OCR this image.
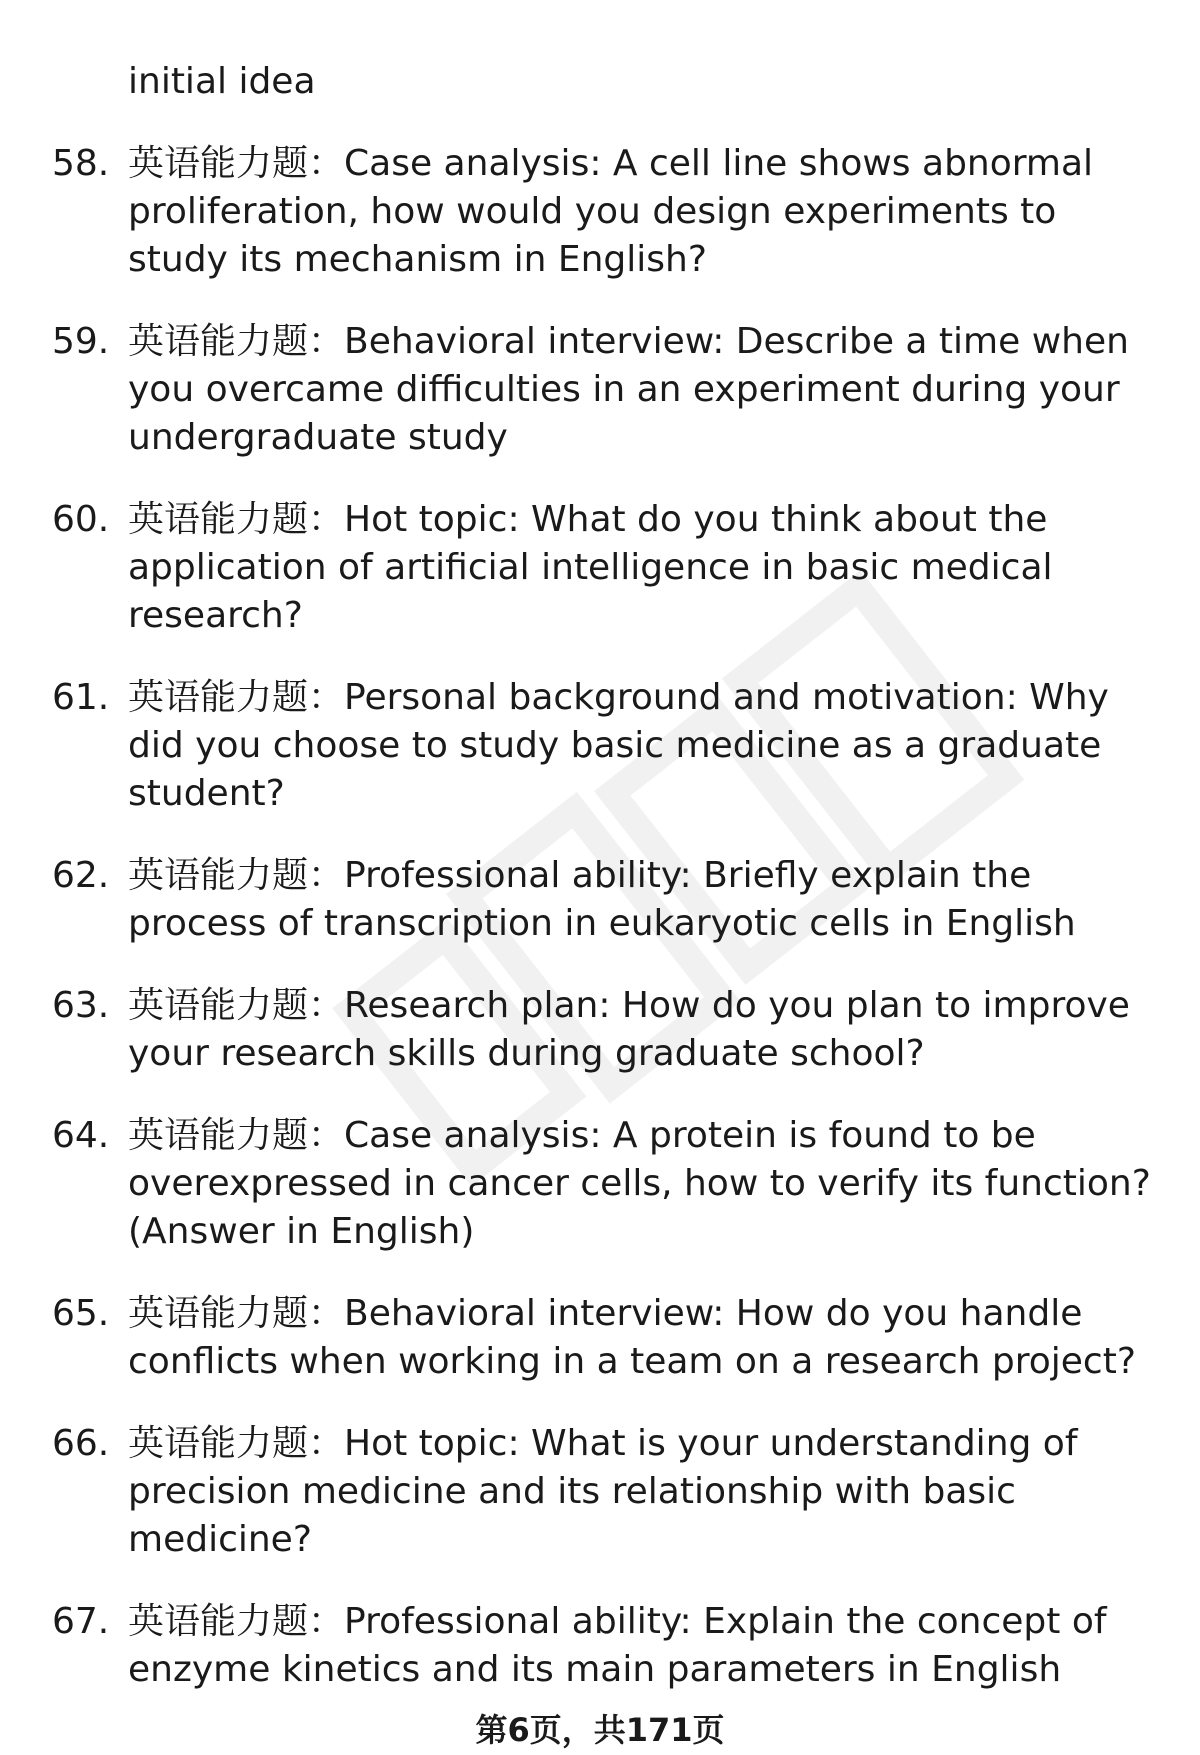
initial idea

58. 英语能力题：Case analysis: A cell line shows abnormal proliferation, how would you design experiments to study its mechanism in English?
59. 英语能力题：Behavioral interview: Describe a time when you overcame difficulties in an experiment during your undergraduate study
60. 英语能力题：Hot topic: What do you think about the application of artificial intelligence in basic medical research?
61. 英语能力题：Personal background and motivation: Why did you choose to study basic medicine as a graduate student?
62. 英语能力题：Professional ability: Briefly explain the process of transcription in eukaryotic cells in English
63. 英语能力题：Research plan: How do you plan to improve your research skills during graduate school?
64. 英语能力题：Case analysis: A protein is found to be overexpressed in cancer cells, how to verify its function? (Answer in English)
65. 英语能力题：Behavioral interview: How do you handle conflicts when working in a team on a research project?
66. 英语能力题：Hot topic: What is your understanding of precision medicine and its relationship with basic medicine?
67. 英语能力题：Professional ability: Explain the concept of enzyme kinetics and its main parameters in English
第6页，共171页
